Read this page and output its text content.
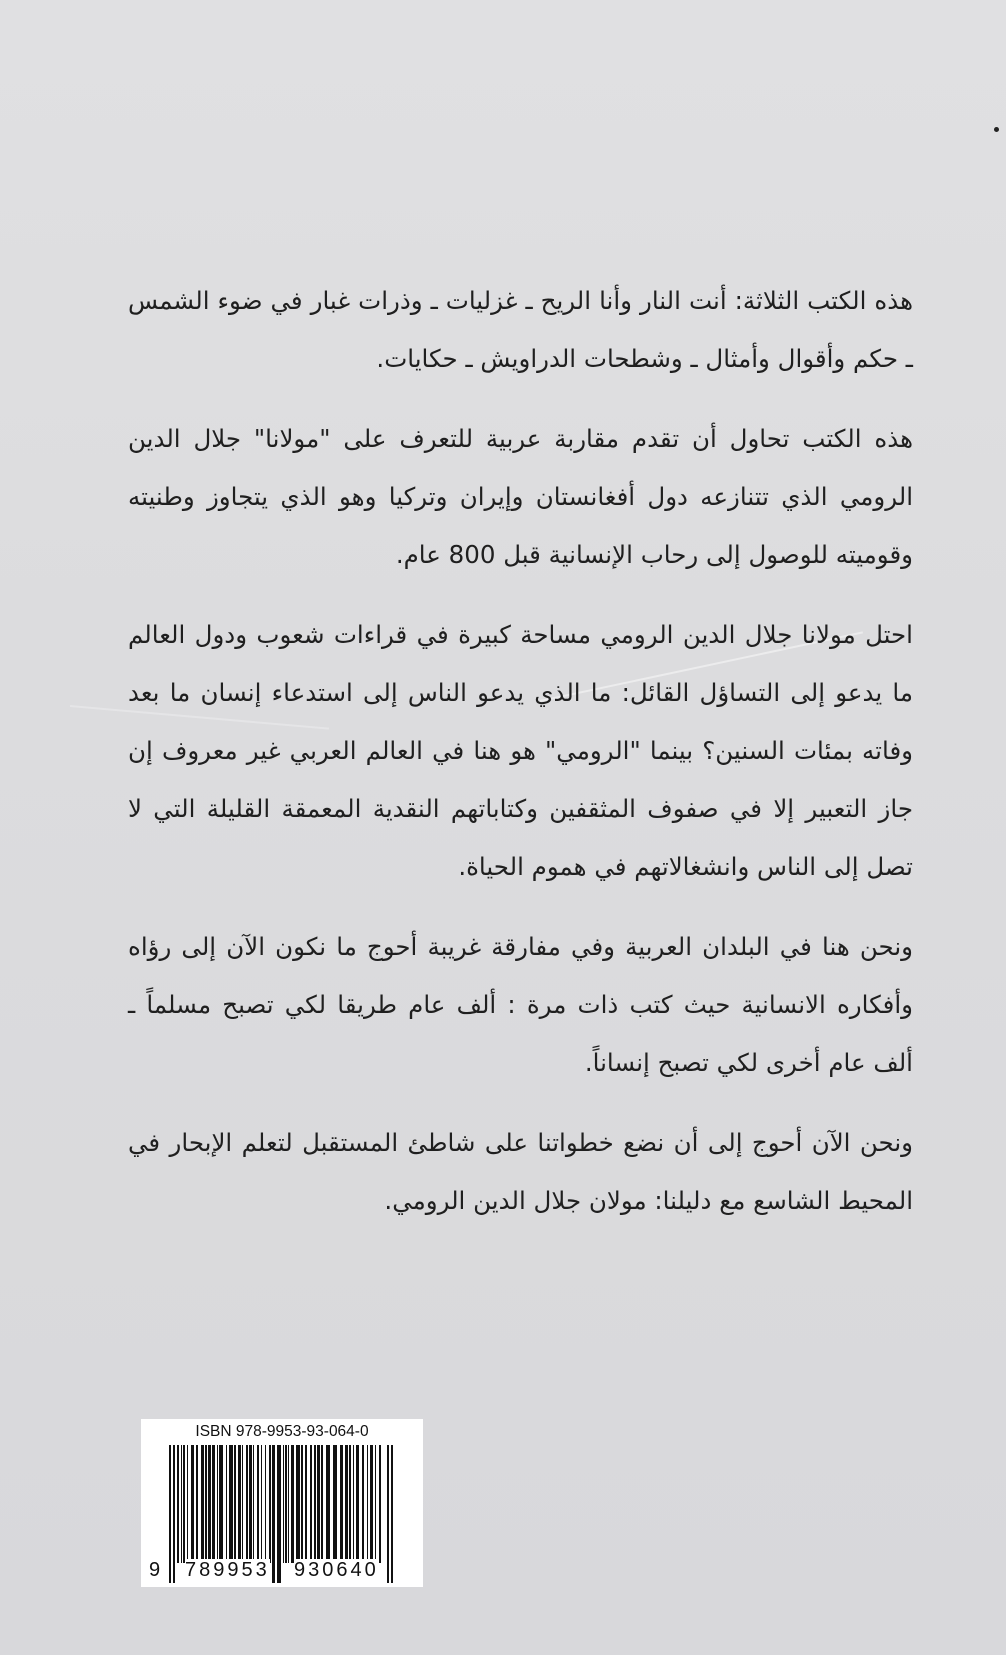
هذه الكتب الثلاثة: أنت النار وأنا الريح ـ غزليات ـ وذرات غبار في ضوء الشمس ـ حكم وأقوال وأمثال ـ وشطحات الدراويش ـ حكايات.

هذه الكتب تحاول أن تقدم مقاربة عربية للتعرف على "مولانا" جلال الدين الرومي الذي تتنازعه دول أفغانستان وإيران وتركيا وهو الذي يتجاوز وطنيته وقوميته للوصول إلى رحاب الإنسانية قبل 800 عام.

احتل مولانا جلال الدين الرومي مساحة كبيرة في قراءات شعوب ودول العالم ما يدعو إلى التساؤل القائل: ما الذي يدعو الناس إلى استدعاء إنسان ما بعد وفاته بمئات السنين؟ بينما "الرومي" هو هنا في العالم العربي غير معروف إن جاز التعبير إلا في صفوف المثقفين وكتاباتهم النقدية المعمقة القليلة التي لا تصل إلى الناس وانشغالاتهم في هموم الحياة.

ونحن هنا في البلدان العربية وفي مفارقة غريبة أحوج ما نكون الآن إلى رؤاه وأفكاره الانسانية حيث كتب ذات مرة : ألف عام طريقا لكي تصبح مسلماً ـ ألف عام أخرى لكي تصبح إنساناً.

ونحن الآن أحوج إلى أن نضع خطواتنا على شاطئ المستقبل لتعلم الإبحار في المحيط الشاسع مع دليلنا: مولان جلال الدين الرومي.

ISBN 978-9953-93-064-0
9 789953 930640
